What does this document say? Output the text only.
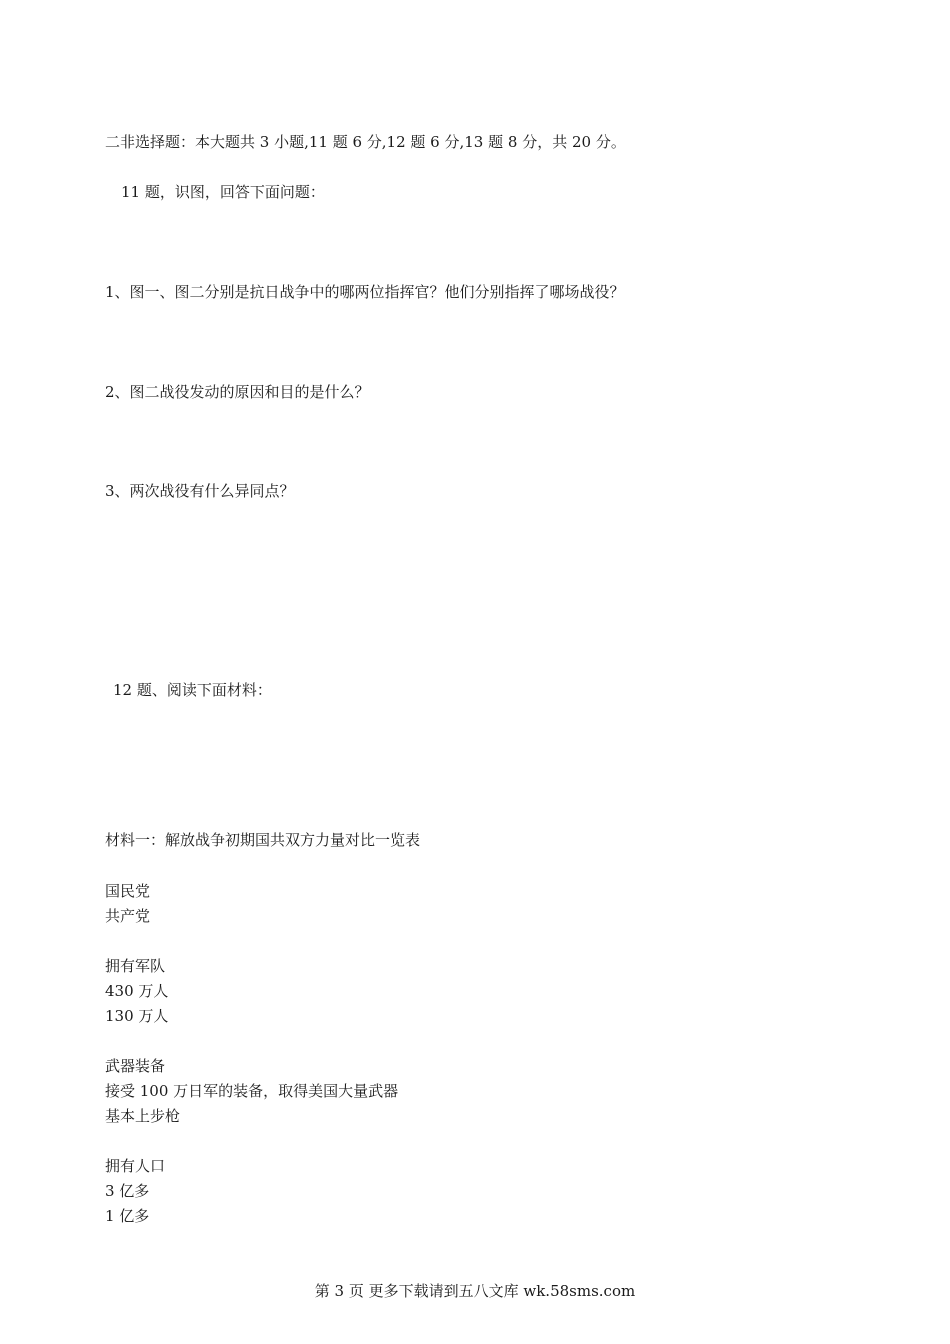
二非选择题：本大题共 3 小题,11 题 6 分,12 题 6 分,13 题 8 分，共 20 分。
11 题，识图，回答下面问题：
1、图一、图二分别是抗日战争中的哪两位指挥官？他们分别指挥了哪场战役？
2、图二战役发动的原因和目的是什么？
3、两次战役有什么异同点？
12 题、阅读下面材料：
材料一：解放战争初期国共双方力量对比一览表
国民党
共产党
拥有军队
430 万人
130 万人
武器装备
接受 100 万日军的装备，取得美国大量武器
基本上步枪
拥有人口
3 亿多
1 亿多
第 3 页 更多下载请到五八文库 wk.58sms.com
